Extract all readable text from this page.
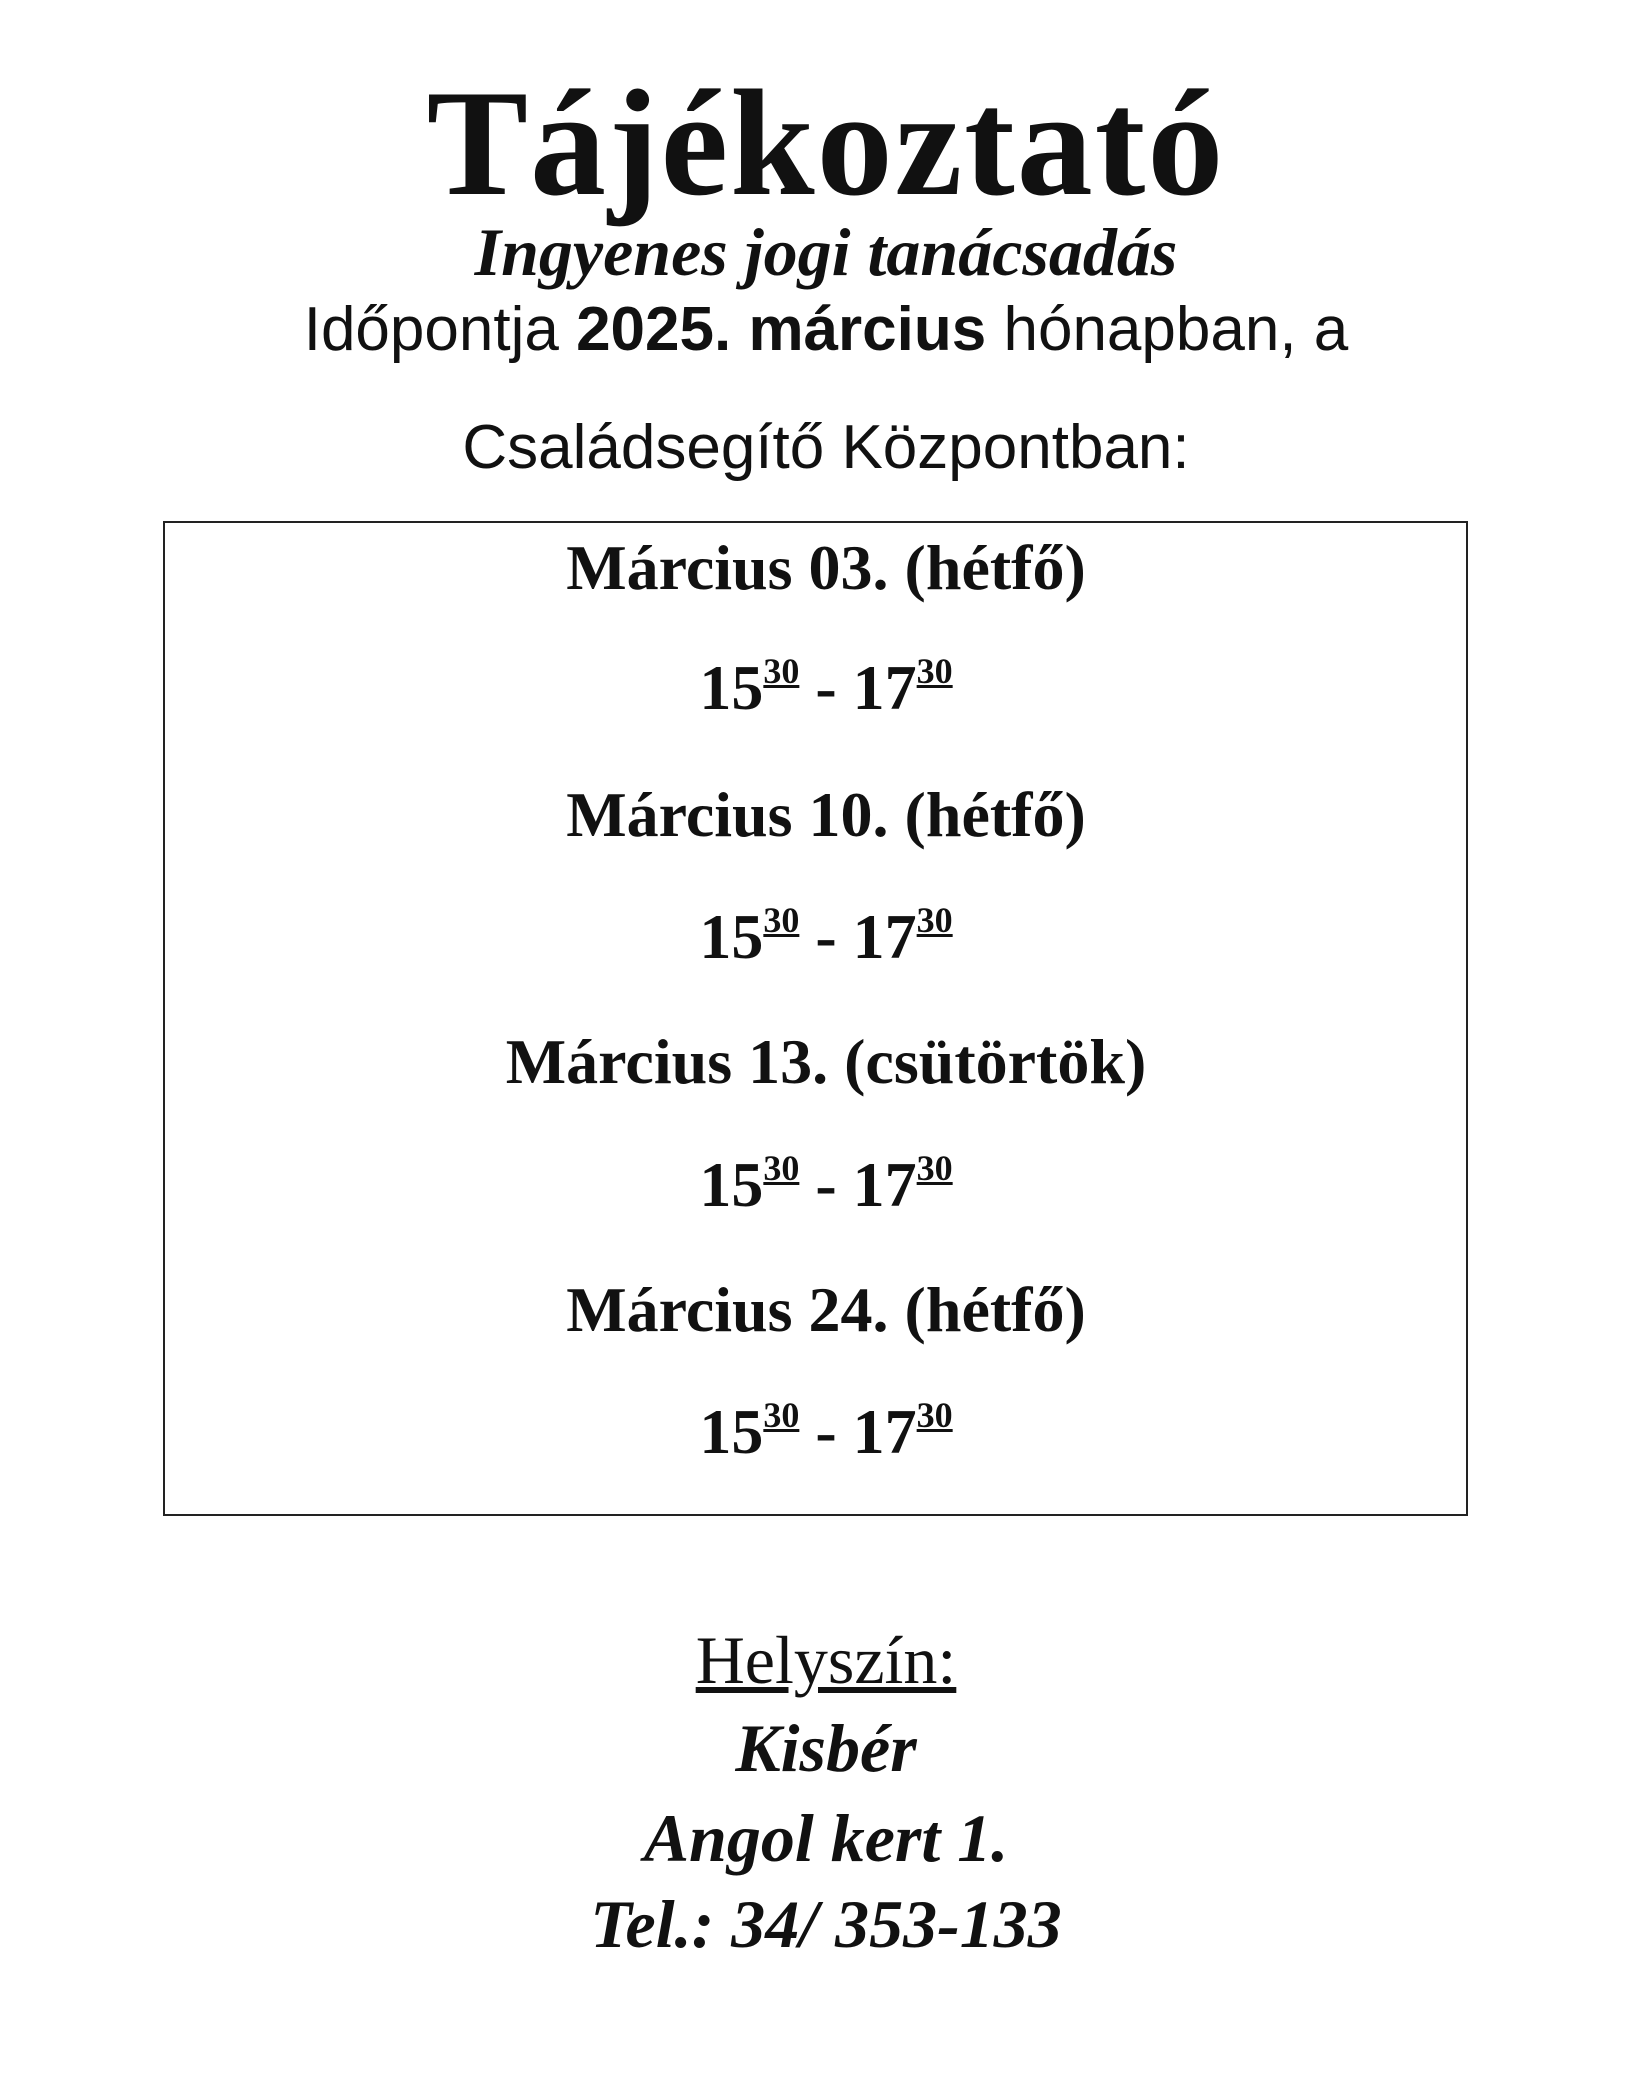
Tájékoztató
Ingyenes jogi tanácsadás
Időpontja 2025. március hónapban, a
Családsegítő Központban:
Március 03. (hétfő)
$15^{30} - 17^{30}$
Március 10. (hétfő)
$15^{30} - 17^{30}$
Március 13. (csütörtök)
$15^{30} - 17^{30}$
Március 24. (hétfő)
$15^{30} - 17^{30}$
Helyszín:
Kisbér
Angol kert 1.
Tel.: 34/ 353-133
